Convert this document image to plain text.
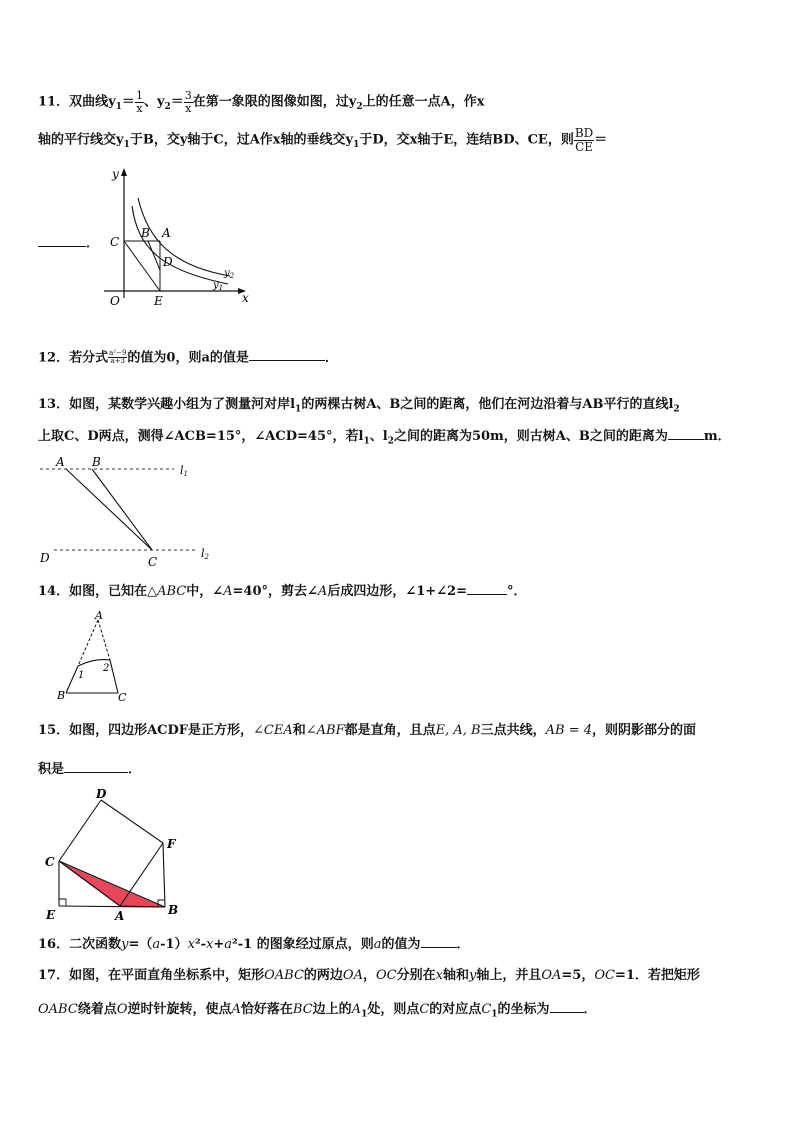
11．双曲线$y_1= \frac{1}{x}$ 、$y_2= \frac{3}{x}$ 在第一象限的图像如图，过$y_2$上的任意一点A，作x
轴的平行线交$y_1$于B，交y轴于C，过A作x轴的垂线交$y_1$于D，交x轴于E，连结BD、CE，则 $\frac{BD}{CE}$ ＝
．
y
x
O
C
B A
D
E
$y_2$
$y_1$
12．若分式 $\frac{\text{a²−9}}{a+3}$ 的值为0，则a的值是	．
13．如图，某数学兴趣小组为了测量河对岸$l_1$的两棵古树A、B之间的距离，他们在河边沿着与AB平行的直线$l_2$
上取C、D两点，测得∠ACB=15°，∠ACD=45°，若$l_1$、$l_2$之间的距离为50m，则古树A、B之间的距离为	m．
A B
C
D
l1
l2
14．如图，已知在△ABC中，∠A=40°，剪去∠A后成四边形，∠1+∠2=	°．
A
B	C
1
2
15．如图，四边形ACDF是正方形，∠CEA和∠ABF都是直角，且点E, A, B三点共线，AB = 4，则阴影部分的面
积是	．
D
F
C
E	A	B
16．二次函数y=（a-1）x²-x+a²-1 的图象经过原点，则a的值为	．
17．如图，在平面直角坐标系中，矩形OABC的两边OA，OC分别在x轴和y轴上，并且OA=5，OC=1．若把矩形
OABC绕着点O逆时针旋转，使点A恰好落在BC边上的$A_1$处，则点C的对应点$C_1$的坐标为	．
